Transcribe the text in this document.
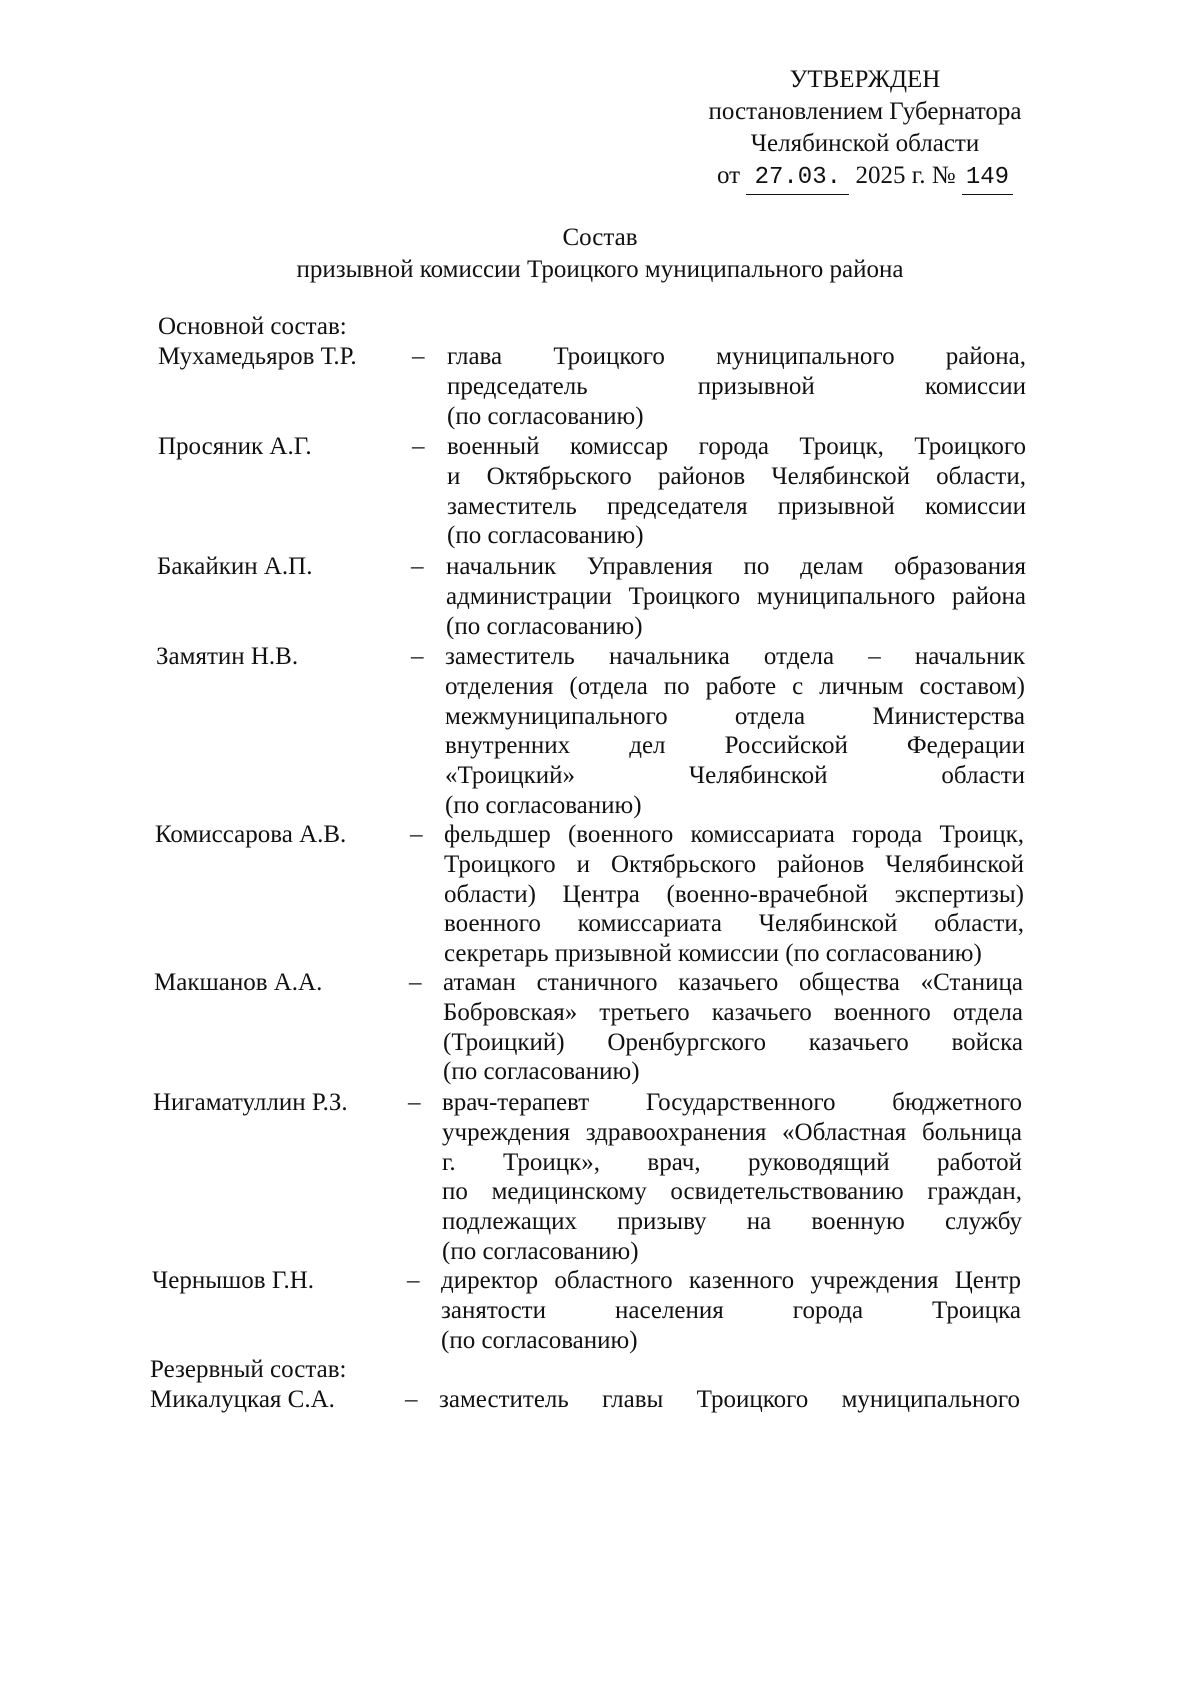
УТВЕРЖДЕН
постановлением Губернатора
Челябинской области
от 27.03. 2025 г. № 149
Состав
призывной комиссии Троицкого муниципального района
Основной состав:
Мухамедьяров Т.Р. – глава Троицкого муниципального района,
председатель призывной комиссии
(по согласованию)
Просяник А.Г.	– военный комиссар города Троицк, Троицкого
и Октябрьского районов Челябинской области,
заместитель председателя призывной комиссии
(по согласованию)
Бакайкин А.П.	– начальник Управления по делам образования
администрации Троицкого муниципального района
(по согласованию)
Замятин Н.В.	– заместитель начальника отдела – начальник
отделения (отдела по работе с личным составом)
межмуниципального отдела Министерства
внутренних дел Российской Федерации
«Троицкий» Челябинской области
(по согласованию)
Комиссарова А.В.	– фельдшер (военного комиссариата города Троицк,
Троицкого и Октябрьского районов Челябинской
области) Центра (военно-врачебной экспертизы)
военного комиссариата Челябинской области,
секретарь призывной комиссии (по согласованию)
Макшанов А.А.	– атаман станичного казачьего общества «Станица
Бобровская» третьего казачьего военного отдела
(Троицкий) Оренбургского казачьего войска
(по согласованию)
Нигаматуллин Р.З. – врач-терапевт Государственного бюджетного
учреждения здравоохранения «Областная больница
г. Троицк», врач, руководящий работой
по медицинскому освидетельствованию граждан,
подлежащих призыву на военную службу
(по согласованию)
Чернышов Г.Н.	– директор областного казенного учреждения Центр
занятости населения города Троицка
(по согласованию)
Резервный состав:
Микалуцкая С.А.	– заместитель главы Троицкого муниципального
